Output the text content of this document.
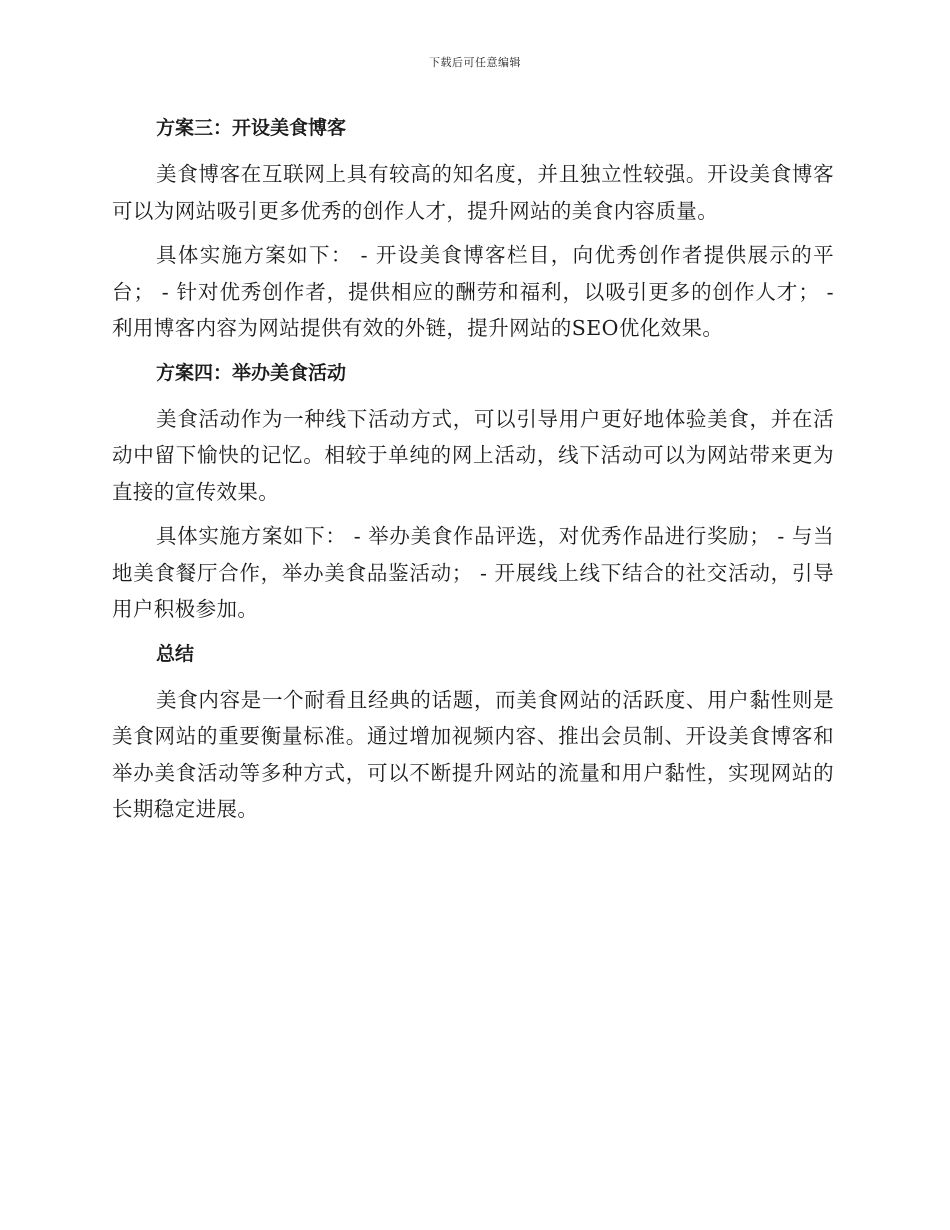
下载后可任意编辑
方案三：开设美食博客

美食博客在互联网上具有较高的知名度，并且独立性较强。开设美食博客可以为网站吸引更多优秀的创作人才，提升网站的美食内容质量。

具体实施方案如下： - 开设美食博客栏目，向优秀创作者提供展示的平台； - 针对优秀创作者，提供相应的酬劳和福利，以吸引更多的创作人才； - 利用博客内容为网站提供有效的外链，提升网站的SEO优化效果。

方案四：举办美食活动

美食活动作为一种线下活动方式，可以引导用户更好地体验美食，并在活动中留下愉快的记忆。相较于单纯的网上活动，线下活动可以为网站带来更为直接的宣传效果。

具体实施方案如下： - 举办美食作品评选，对优秀作品进行奖励； - 与当地美食餐厅合作，举办美食品鉴活动； - 开展线上线下结合的社交活动，引导用户积极参加。

总结

美食内容是一个耐看且经典的话题，而美食网站的活跃度、用户黏性则是美食网站的重要衡量标准。通过增加视频内容、推出会员制、开设美食博客和举办美食活动等多种方式，可以不断提升网站的流量和用户黏性，实现网站的长期稳定进展。
